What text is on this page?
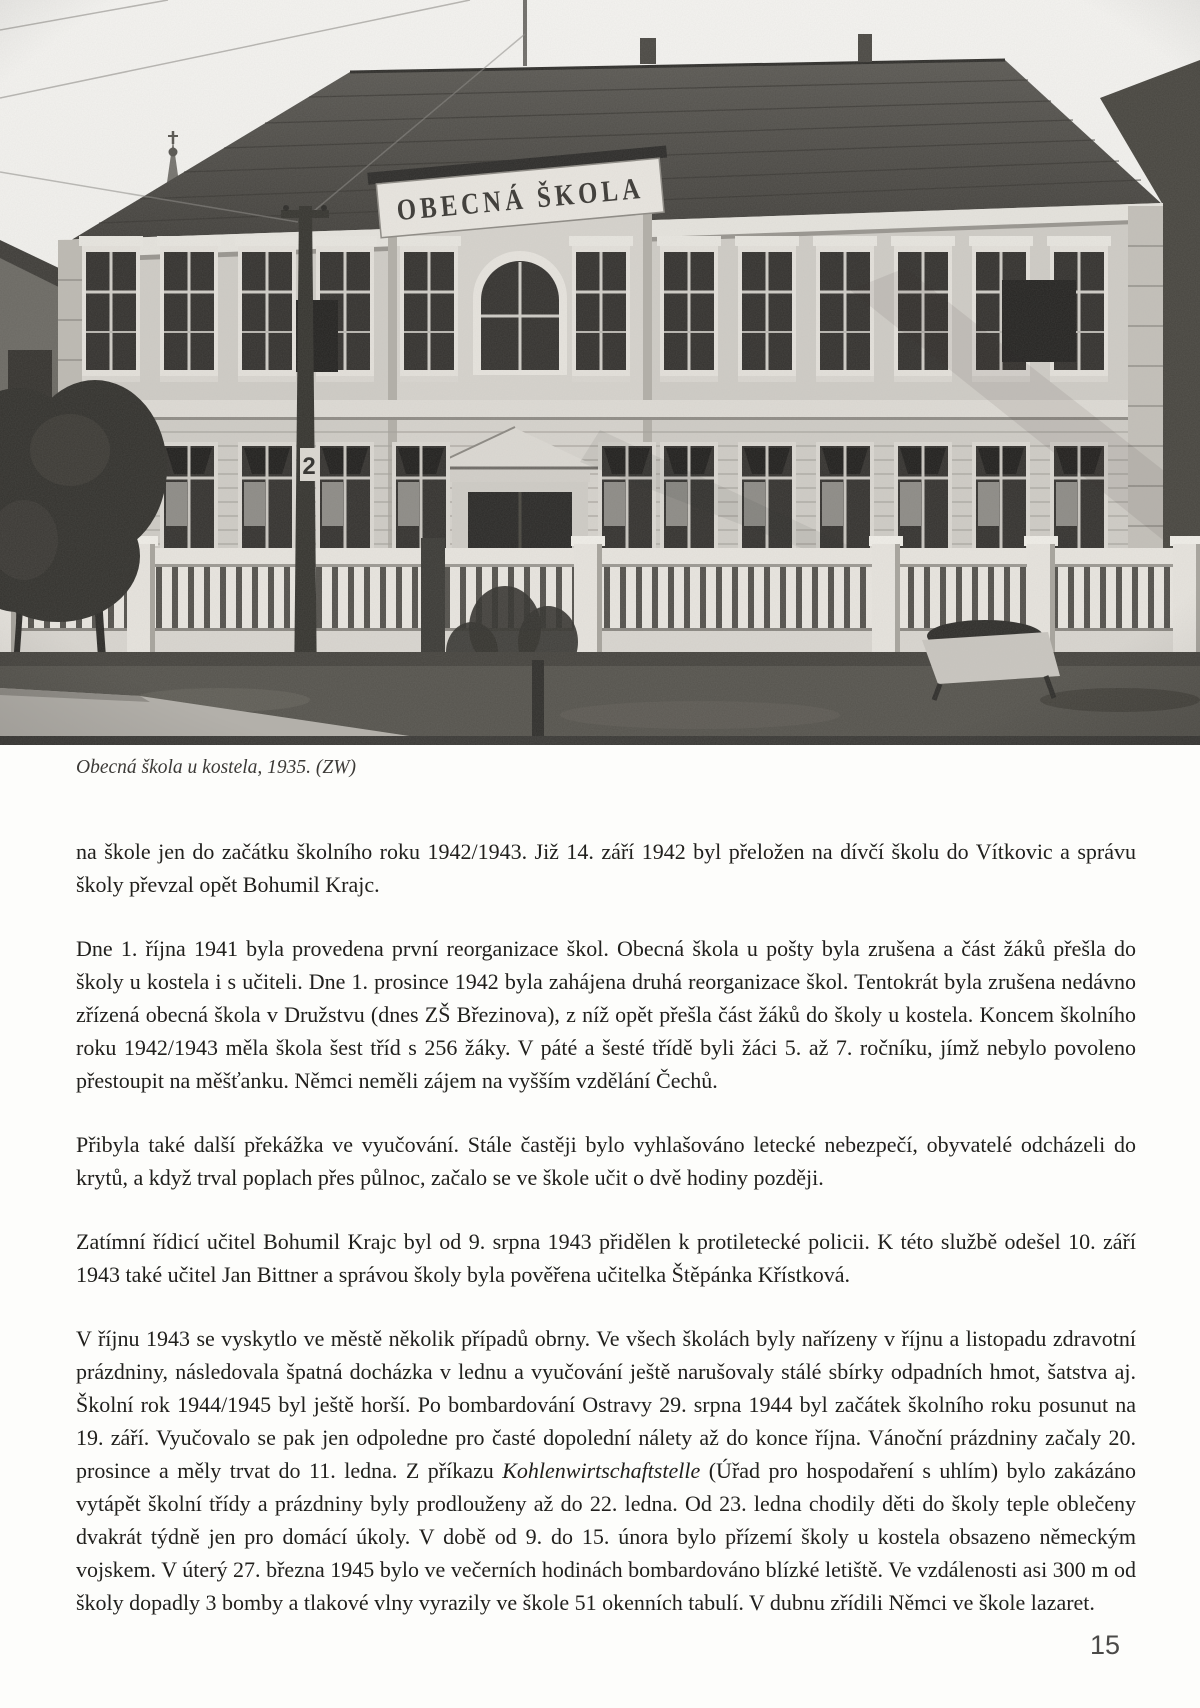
Obecná škola u kostela, 1935. (ZW)

na škole jen do začátku školního roku 1942/1943. Již 14. září 1942 byl přeložen na dívčí školu do Vítkovic a správu školy převzal opět Bohumil Krajc.

Dne 1. října 1941 byla provedena první reorganizace škol. Obecná škola u pošty byla zrušena a část žáků přešla do školy u kostela i s učiteli. Dne 1. prosince 1942 byla zahájena druhá reorganizace škol. Tentokrát byla zrušena nedávno zřízená obecná škola v Družstvu (dnes ZŠ Březinova), z níž opět přešla část žáků do školy u kostela. Koncem školního roku 1942/1943 měla škola šest tříd s 256 žáky. V páté a šesté třídě byli žáci 5. až 7. ročníku, jímž nebylo povoleno přestoupit na měšťanku. Němci neměli zájem na vyšším vzdělání Čechů.

Přibyla také další překážka ve vyučování. Stále častěji bylo vyhlašováno letecké nebezpečí, obyvatelé odcházeli do krytů, a když trval poplach přes půlnoc, začalo se ve škole učit o dvě hodiny později.

Zatímní řídicí učitel Bohumil Krajc byl od 9. srpna 1943 přidělen k protiletecké policii. K této službě odešel 10. září 1943 také učitel Jan Bittner a správou školy byla pověřena učitelka Štěpánka Křístková.

V říjnu 1943 se vyskytlo ve městě několik případů obrny. Ve všech školách byly nařízeny v říjnu a listopadu zdravotní prázdniny, následovala špatná docházka v lednu a vyučování ještě narušovaly stálé sbírky odpadních hmot, šatstva aj. Školní rok 1944/1945 byl ještě horší. Po bombardování Ostravy 29. srpna 1944 byl začátek školního roku posunut na 19. září. Vyučovalo se pak jen odpoledne pro časté dopolední nálety až do konce října. Vánoční prázdniny začaly 20. prosince a měly trvat do 11. ledna. Z příkazu Kohlenwirtschaftstelle (Úřad pro hospodaření s uhlím) bylo zakázáno vytápět školní třídy a prázdniny byly prodlouženy až do 22. ledna. Od 23. ledna chodily děti do školy teple oblečeny dvakrát týdně jen pro domácí úkoly. V době od 9. do 15. února bylo přízemí školy u kostela obsazeno německým vojskem. V úterý 27. března 1945 bylo ve večerních hodinách bombardováno blízké letiště. Ve vzdálenosti asi 300 m od školy dopadly 3 bomby a tlakové vlny vyrazily ve škole 51 okenních tabulí. V dubnu zřídili Němci ve škole lazaret.

15
